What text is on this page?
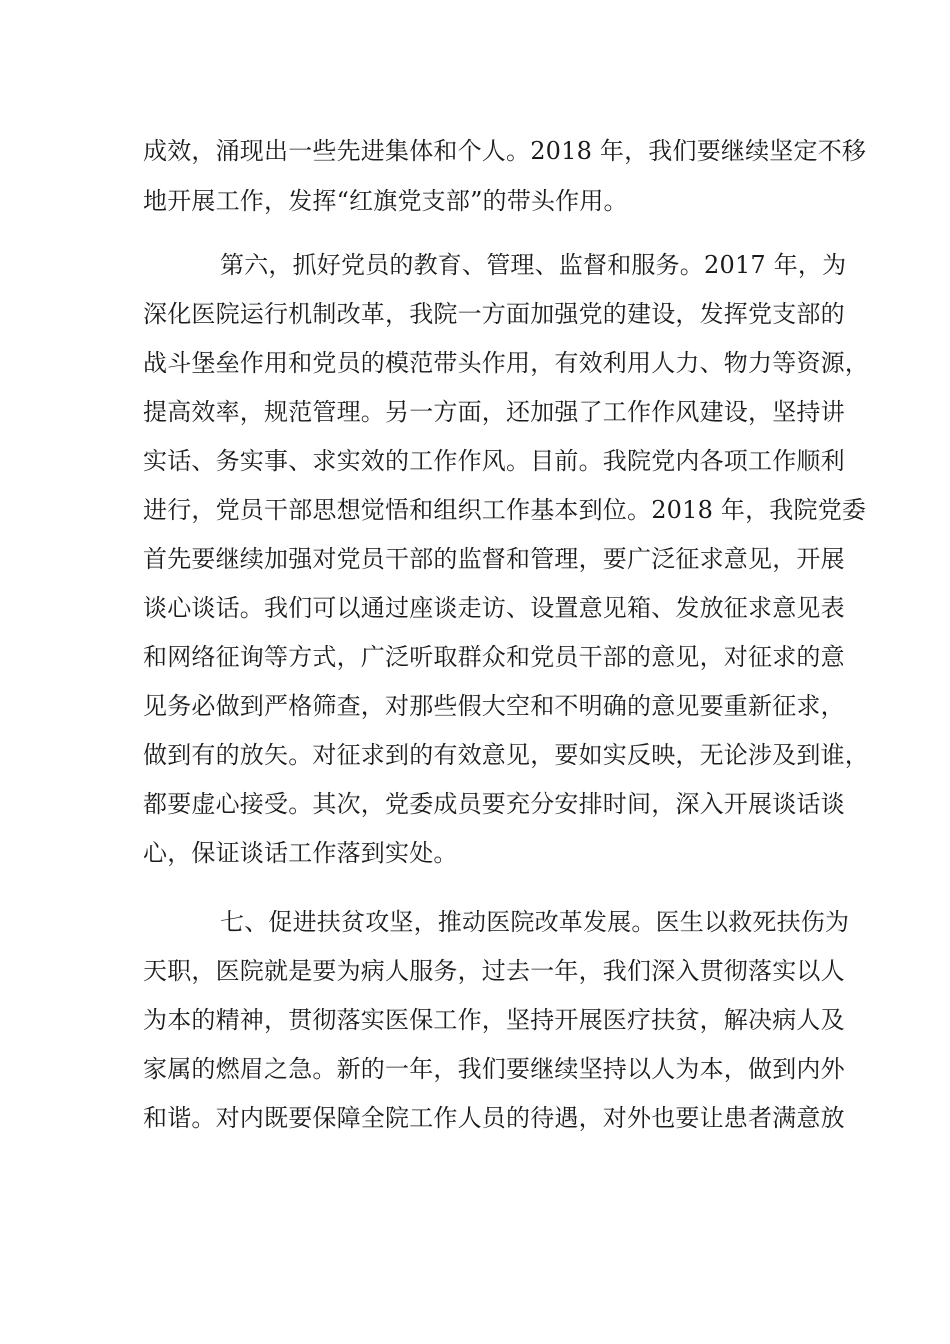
成效，涌现出一些先进集体和个人。2018 年，我们要继续坚定不移
地开展工作，发挥“红旗党支部”的带头作用。
第六，抓好党员的教育、管理、监督和服务。2017 年，为
深化医院运行机制改革，我院一方面加强党的建设，发挥党支部的
战斗堡垒作用和党员的模范带头作用，有效利用人力、物力等资源，
提高效率，规范管理。另一方面，还加强了工作作风建设，坚持讲
实话、务实事、求实效的工作作风。目前。我院党内各项工作顺利
进行，党员干部思想觉悟和组织工作基本到位。2018 年，我院党委
首先要继续加强对党员干部的监督和管理，要广泛征求意见，开展
谈心谈话。我们可以通过座谈走访、设置意见箱、发放征求意见表
和网络征询等方式，广泛听取群众和党员干部的意见，对征求的意
见务必做到严格筛查，对那些假大空和不明确的意见要重新征求，
做到有的放矢。对征求到的有效意见，要如实反映，无论涉及到谁，
都要虚心接受。其次，党委成员要充分安排时间，深入开展谈话谈
心，保证谈话工作落到实处。
七、促进扶贫攻坚，推动医院改革发展。医生以救死扶伤为
天职，医院就是要为病人服务，过去一年，我们深入贯彻落实以人
为本的精神，贯彻落实医保工作，坚持开展医疗扶贫，解决病人及
家属的燃眉之急。新的一年，我们要继续坚持以人为本，做到内外
和谐。对内既要保障全院工作人员的待遇，对外也要让患者满意放
